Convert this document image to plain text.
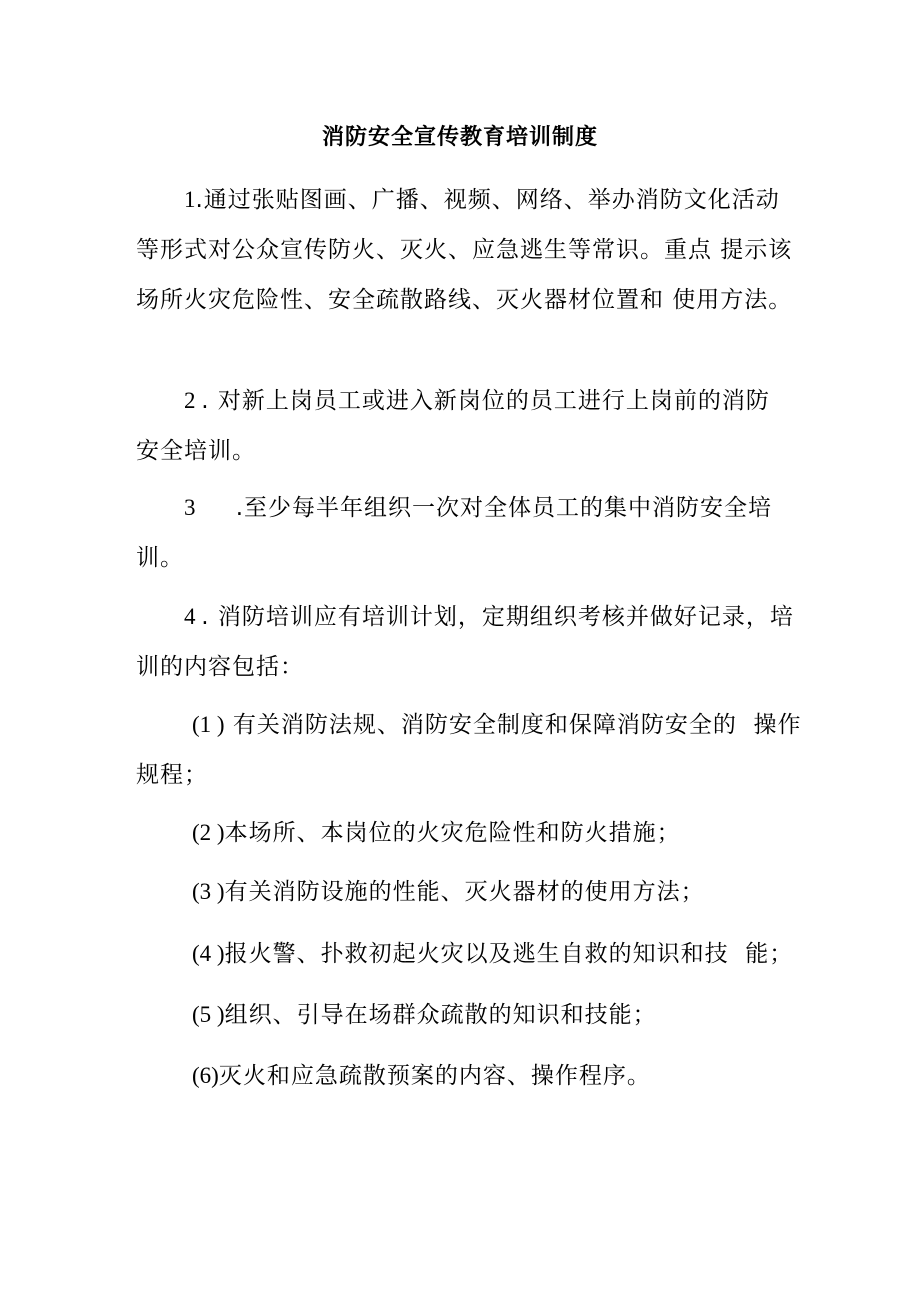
消防安全宣传教育培训制度

1.通过张贴图画、广播、视频、网络、举办消防文化活动等形式对公众宣传防火、灭火、应急逃生等常识。重点 提示该场所火灾危险性、安全疏散路线、灭火器材位置和 使用方法。

2 . 对新上岗员工或进入新岗位的员工进行上岗前的消防  安全培训。

3       .至少每半年组织一次对全体员工的集中消防安全培训。

4 . 消防培训应有培训计划，定期组织考核并做好记录，培训的内容包括：

(1 ) 有关消防法规、消防安全制度和保障消防安全的  操作规程；

(2 )本场所、本岗位的火灾危险性和防火措施；

(3 )有关消防设施的性能、灭火器材的使用方法；

(4 )报火警、扑救初起火灾以及逃生自救的知识和技  能；

(5 )组织、引导在场群众疏散的知识和技能；

(6)灭火和应急疏散预案的内容、操作程序。
